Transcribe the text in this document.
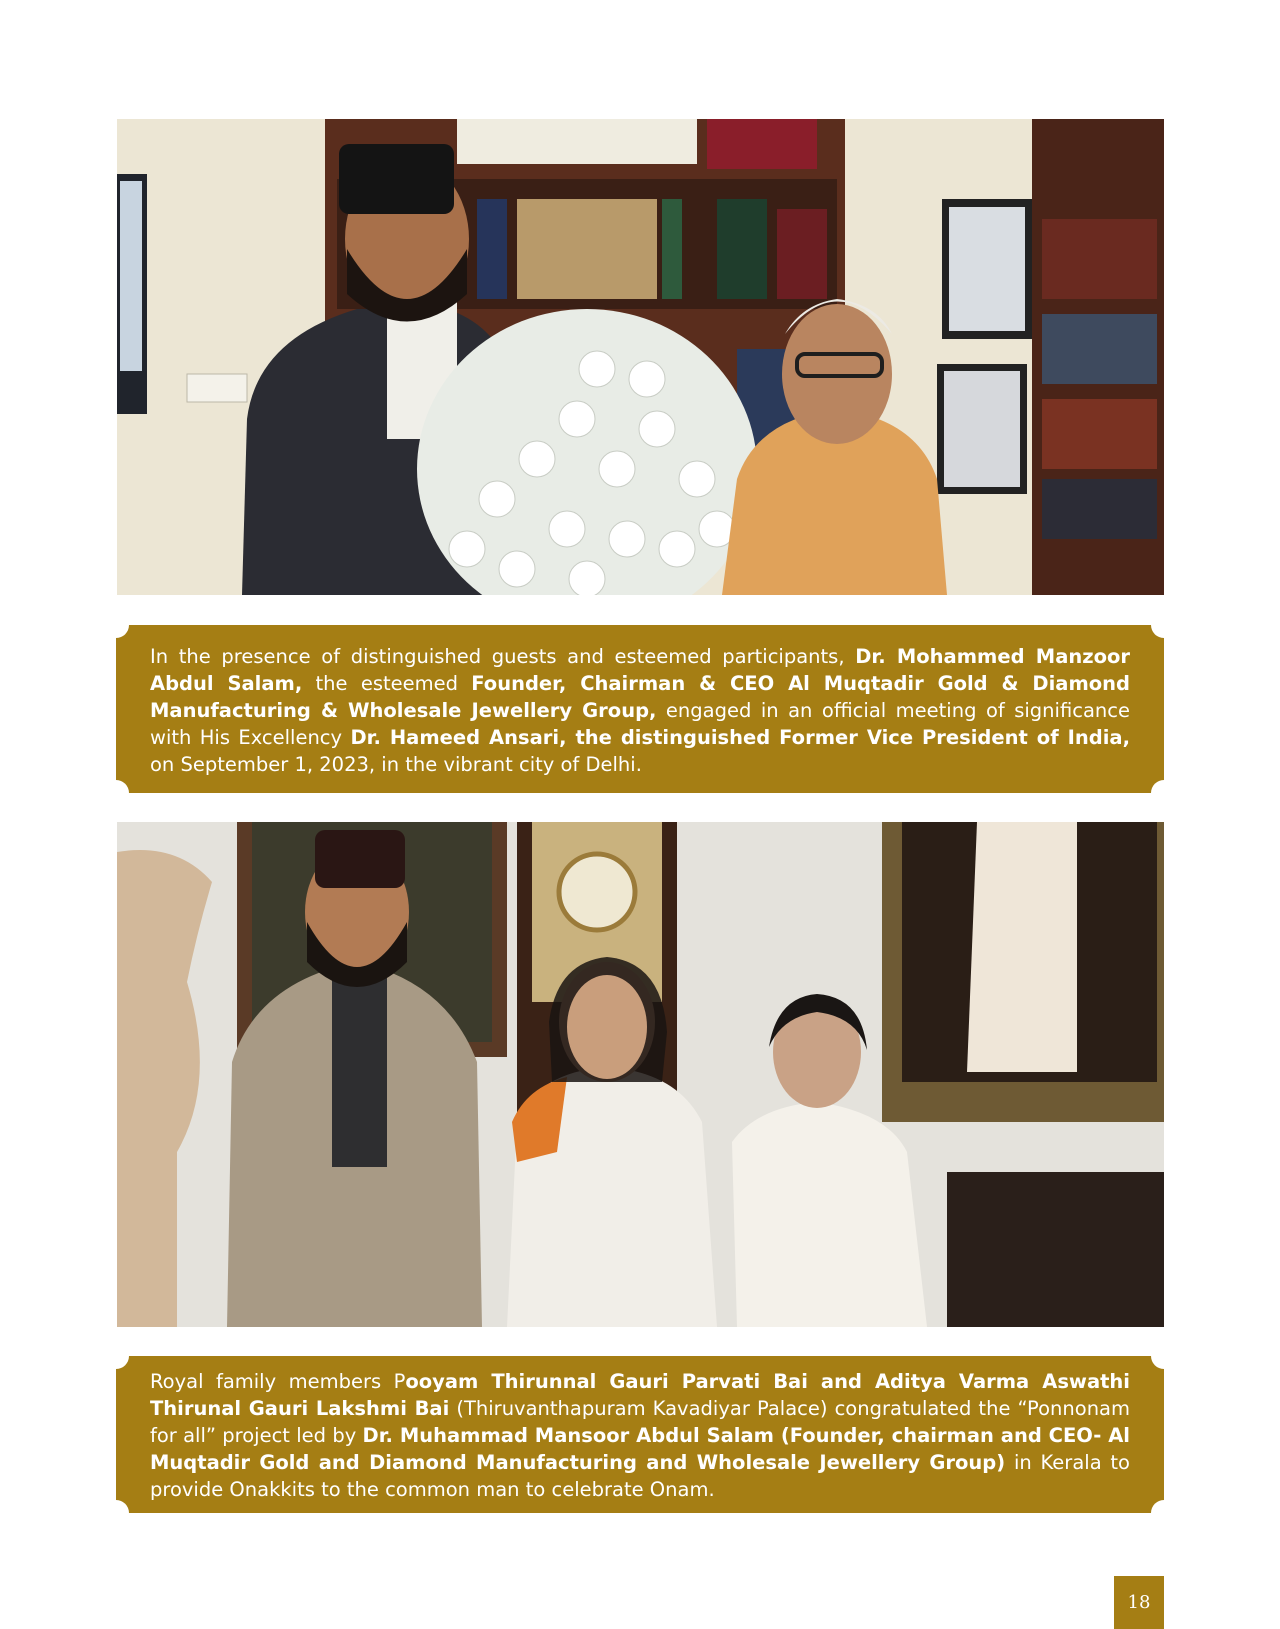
In the presence of distinguished guests and esteemed participants, Dr. Mohammed Manzoor Abdul Salam, the esteemed Founder, Chairman & CEO Al Muqtadir Gold & Diamond Manufacturing & Wholesale Jewellery Group, engaged in an official meeting of significance with His Excellency Dr. Hameed Ansari, the distinguished Former Vice President of India, on September 1, 2023, in the vibrant city of Delhi.
Royal family members Pooyam Thirunnal Gauri Parvati Bai and Aditya Varma Aswathi Thirunal Gauri Lakshmi Bai (Thiruvanthapuram Kavadiyar Palace) congratulated the “Ponnonam for all” project led by Dr. Muhammad Mansoor Abdul Salam (Founder, chairman and CEO- Al Muqtadir Gold and Diamond Manufacturing and Wholesale Jewellery Group) in Kerala to provide Onakkits to the common man to celebrate Onam.
18
